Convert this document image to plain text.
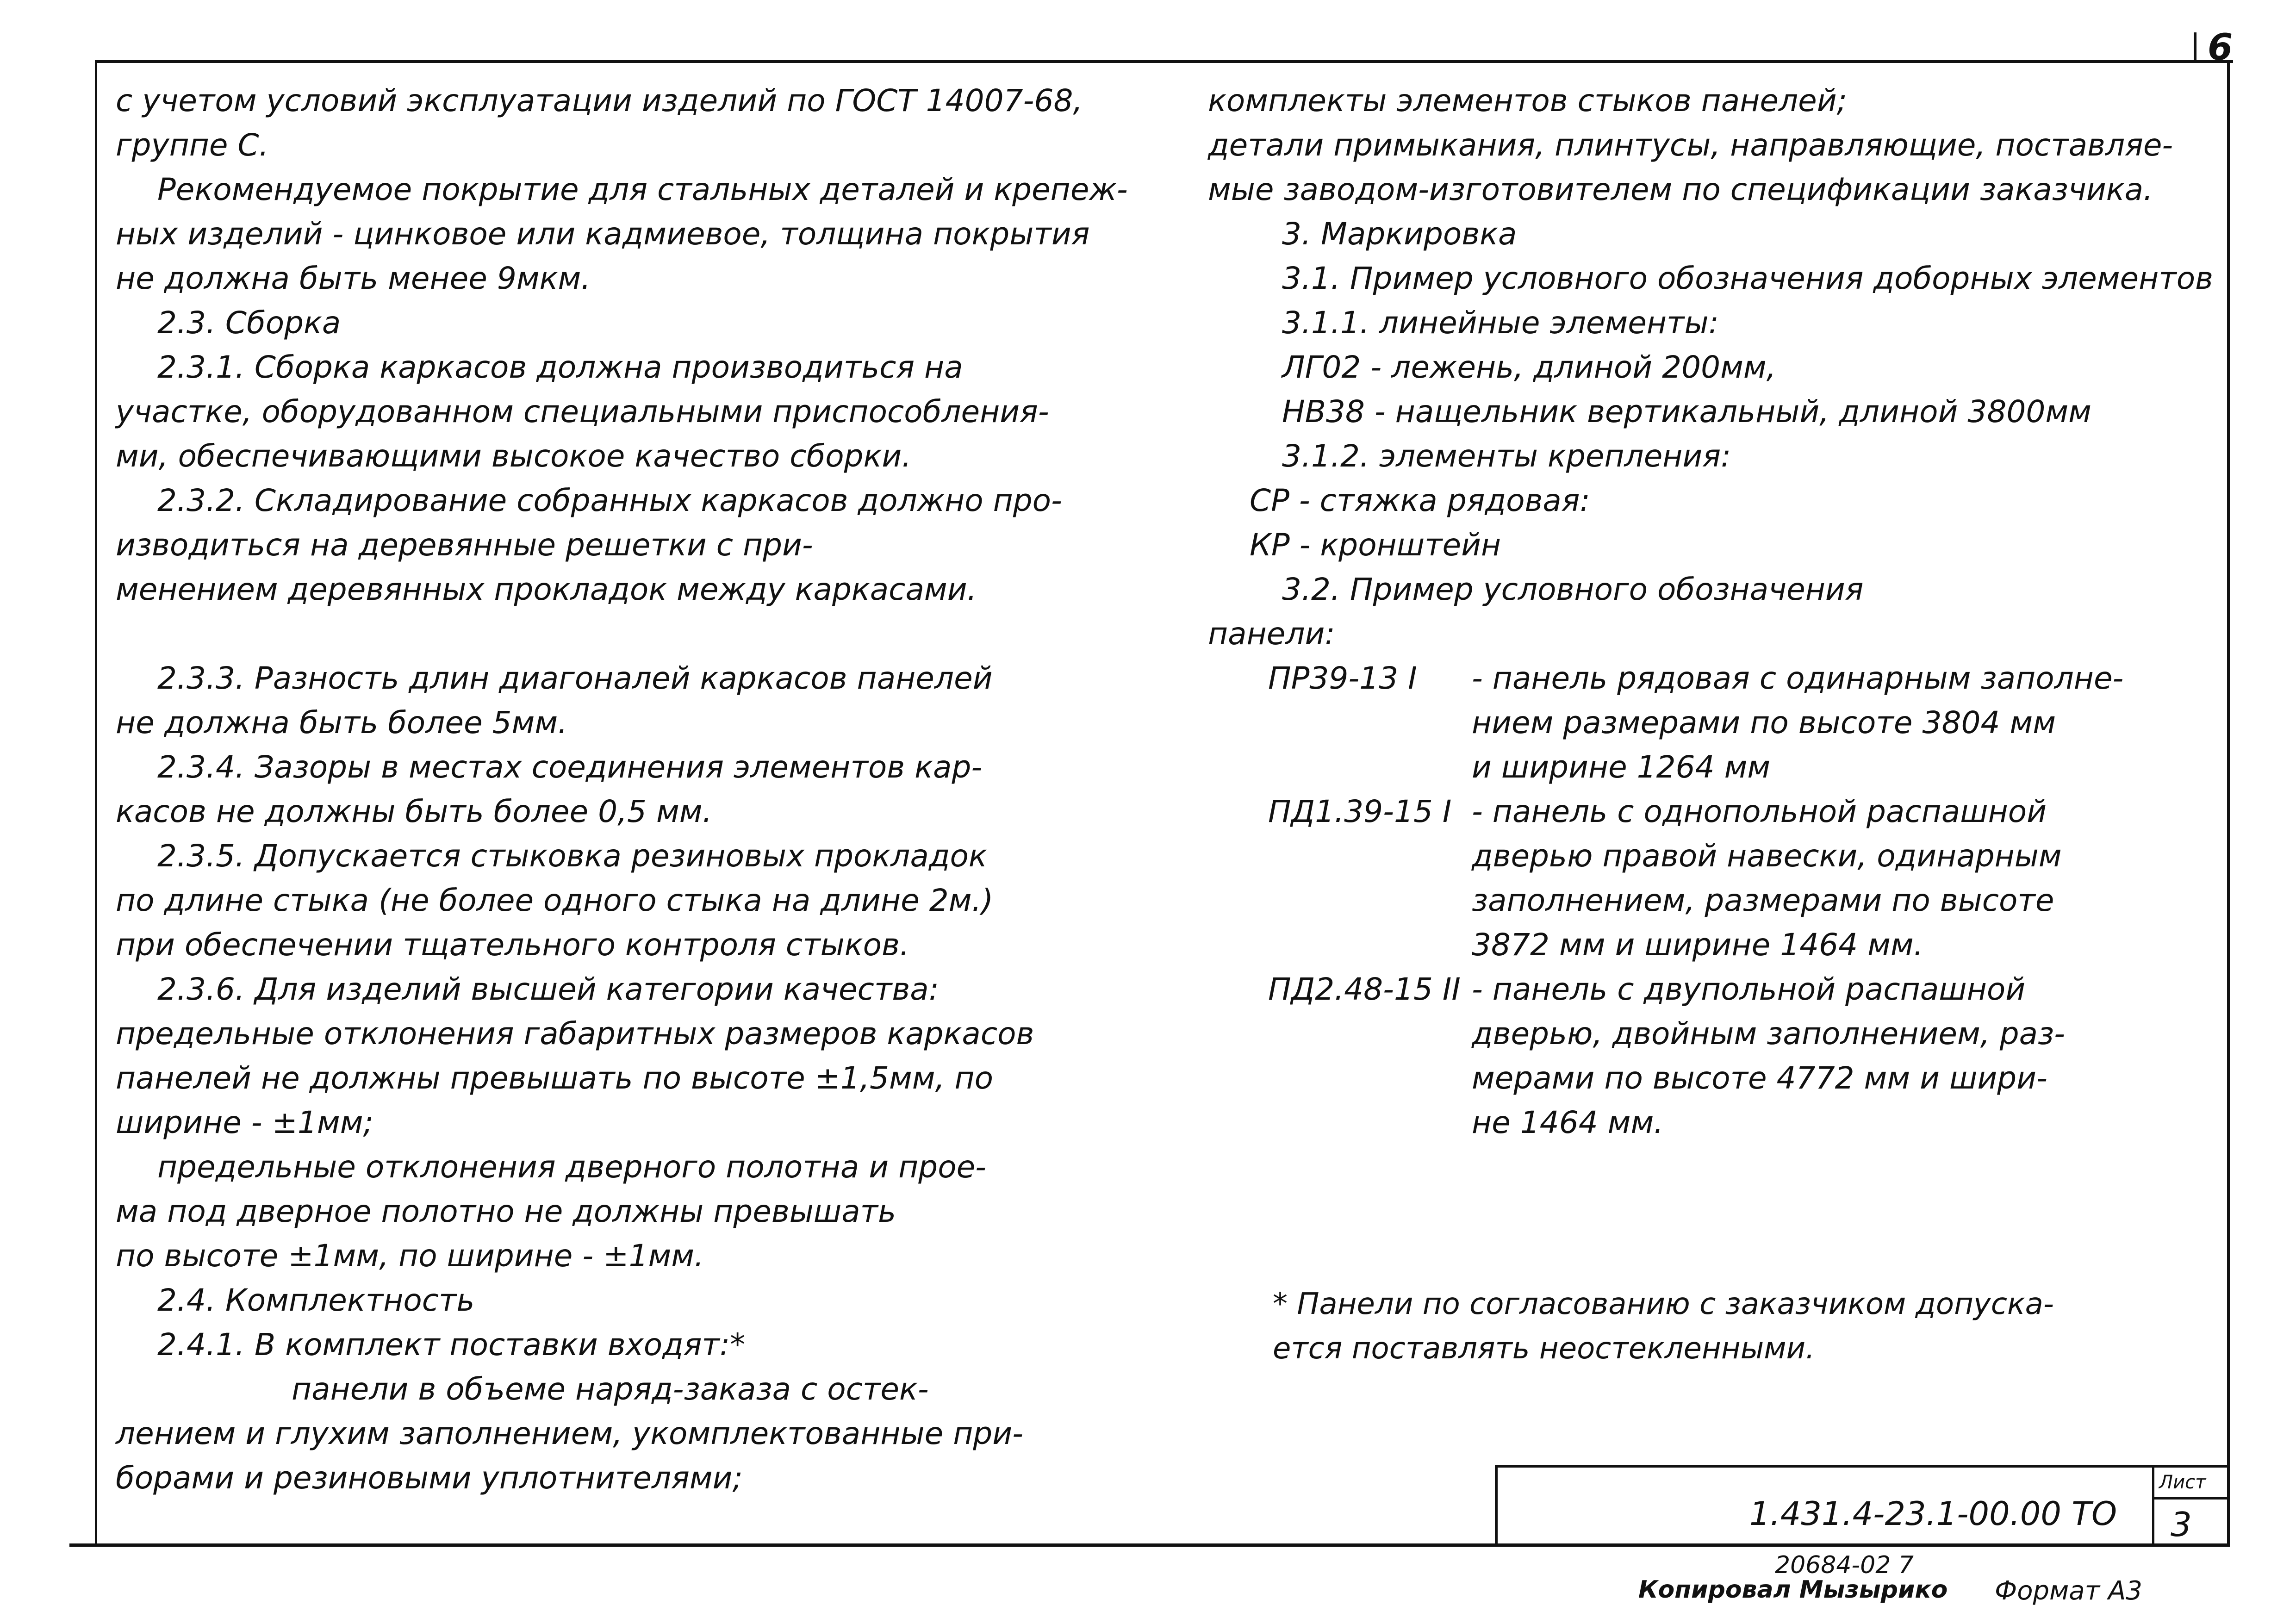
6
с учетом условий эксплуатации изделий по ГОСТ 14007-68,
группе С.
Рекомендуемое покрытие для стальных деталей и крепеж-
ных изделий - цинковое или кадмиевое, толщина покрытия
не должна быть менее 9мкм.
2.3. Сборка
2.3.1. Сборка каркасов должна производиться на
участке, оборудованном специальными приспособления-
ми, обеспечивающими высокое качество сборки.
2.3.2. Складирование собранных каркасов должно про-
изводиться на деревянные решетки с при-
менением деревянных прокладок между каркасами.
2.3.3. Разность длин диагоналей каркасов панелей
не должна быть более 5мм.
2.3.4. Зазоры в местах соединения элементов кар-
касов не должны быть более 0,5 мм.
2.3.5. Допускается стыковка резиновых прокладок
по длине стыка (не более одного стыка на длине 2м.)
при обеспечении тщательного контроля стыков.
2.3.6. Для изделий высшей категории качества:
предельные отклонения габаритных размеров каркасов
панелей не должны превышать по высоте ±1,5мм, по
ширине - ±1мм;
предельные отклонения дверного полотна и прое-
ма под дверное полотно не должны превышать
по высоте ±1мм, по ширине - ±1мм.
2.4. Комплектность
2.4.1. В комплект поставки входят:*
панели в объеме наряд-заказа с остек-
лением и глухим заполнением, укомплектованные при-
борами и резиновыми уплотнителями;
комплекты элементов стыков панелей;
детали примыкания, плинтусы, направляющие, поставляе-
мые заводом-изготовителем по спецификации заказчика.
3. Маркировка
3.1. Пример условного обозначения доборных элементов
3.1.1. линейные элементы:
ЛГ02 - лежень, длиной 200мм,
НВ38 - нащельник вертикальный, длиной 3800мм
3.1.2. элементы крепления:
СР - стяжка рядовая:
КР - кронштейн
3.2. Пример условного обозначения
панели:
ПР39-13 I - панель рядовая с одинарным заполне-
нием размерами по высоте 3804 мм
и ширине 1264 мм
ПД1.39-15 I - панель с однопольной распашной
дверью правой навески, одинарным
заполнением, размерами по высоте
3872 мм и ширине 1464 мм.
ПД2.48-15 II - панель с двупольной распашной
дверью, двойным заполнением, раз-
мерами по высоте 4772 мм и шири-
не 1464 мм.
* Панели по согласованию с заказчиком допуска-
ется поставлять неостекленными.
1.431.4-23.1-00.00 ТО
Лист
3
20684-02 7
Копировал Мызырико Формат А3
